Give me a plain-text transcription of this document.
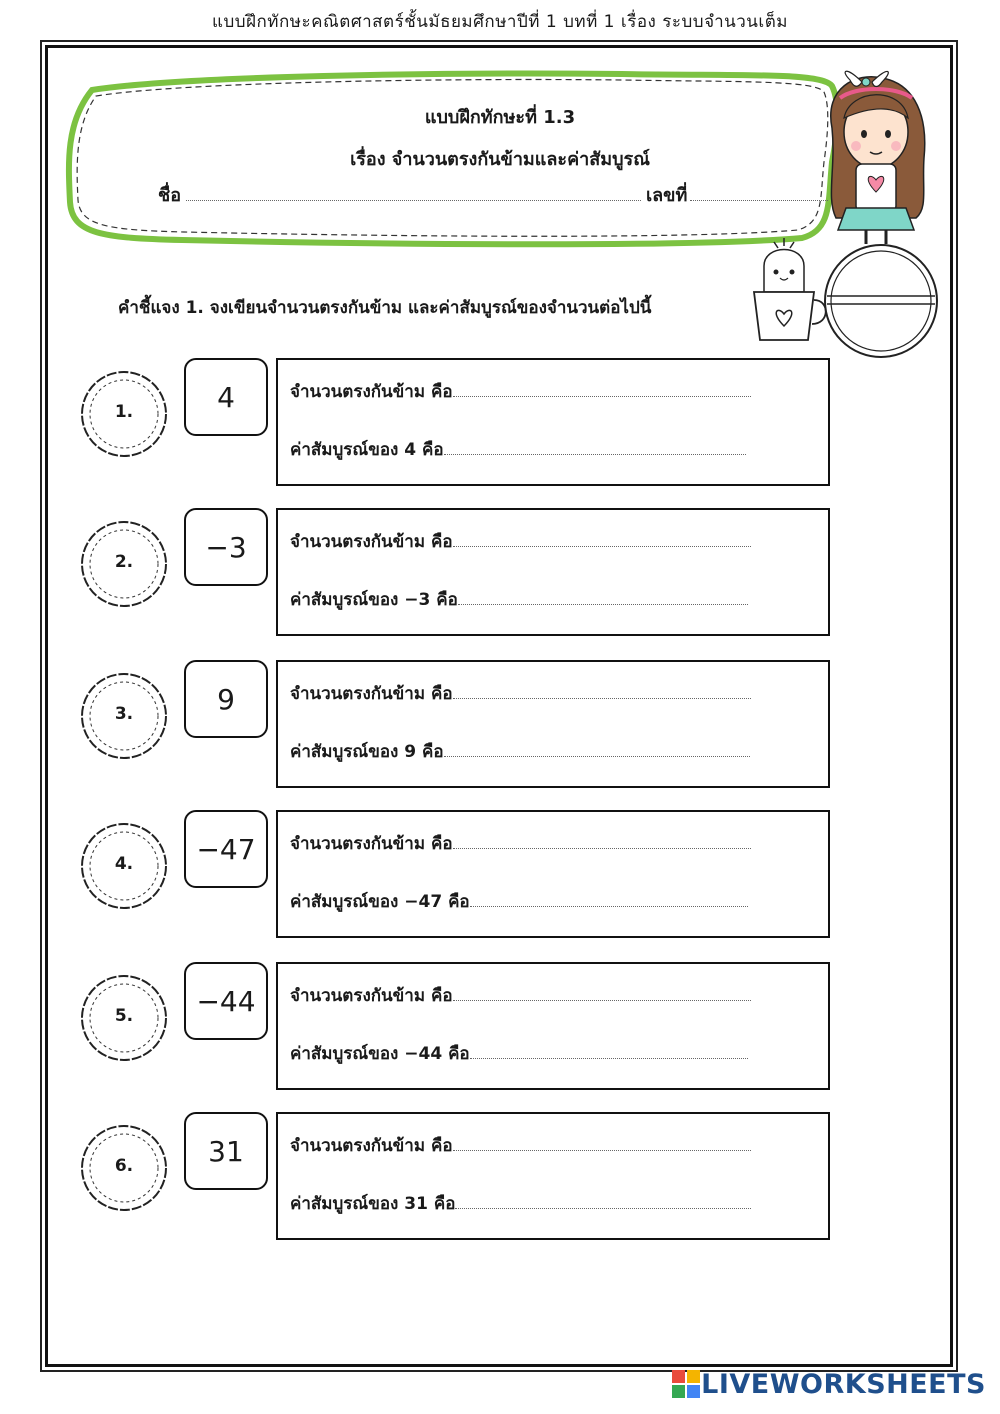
แบบฝึกทักษะคณิตศาสตร์ชั้นมัธยมศึกษาปีที่ 1 บทที่ 1 เรื่อง ระบบจำนวนเต็ม
แบบฝึกทักษะที่ 1.3
เรื่อง จำนวนตรงกันข้ามและค่าสัมบูรณ์
ชื่อ	เลขที่
คำชี้แจง 1. จงเขียนจำนวนตรงกันข้าม และค่าสัมบูรณ์ของจำนวนต่อไปนี้
1.	4	จำนวนตรงกันข้าม คือ
ค่าสัมบูรณ์ของ 4 คือ
2.	−3	จำนวนตรงกันข้าม คือ
ค่าสัมบูรณ์ของ −3 คือ
3.	9	จำนวนตรงกันข้าม คือ
ค่าสัมบูรณ์ของ 9 คือ
4.	−47	จำนวนตรงกันข้าม คือ
ค่าสัมบูรณ์ของ −47 คือ
5.	−44	จำนวนตรงกันข้าม คือ
ค่าสัมบูรณ์ของ −44 คือ
6.	31	จำนวนตรงกันข้าม คือ
ค่าสัมบูรณ์ของ 31 คือ
LIVEWORKSHEETS
